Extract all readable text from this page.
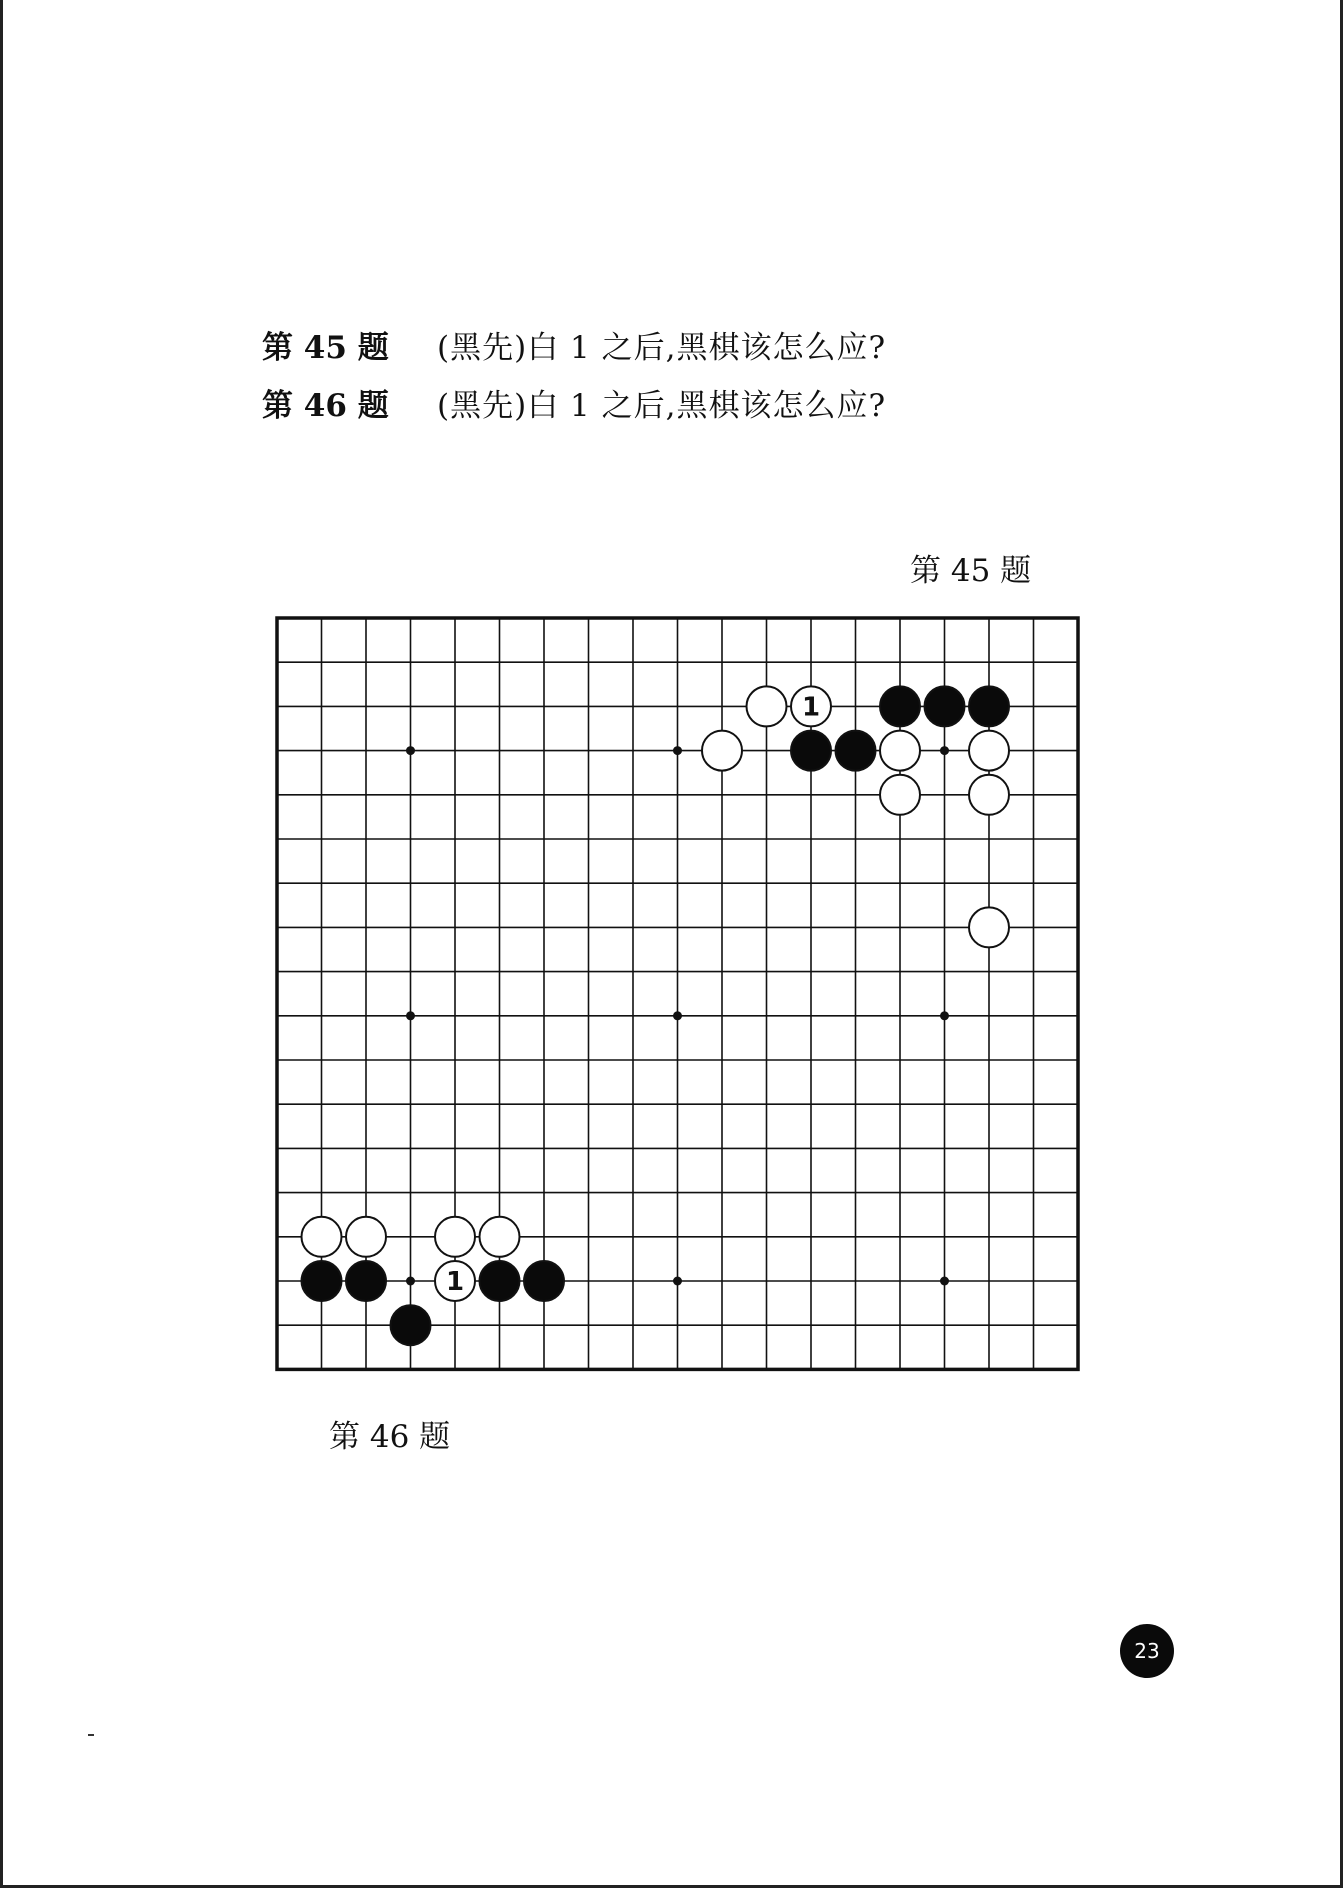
第 45 题	(黑先)白 1 之后,黑棋该怎么应?
第 46 题	(黑先)白 1 之后,黑棋该怎么应?
第 45 题
1
1
第 46 题
23
